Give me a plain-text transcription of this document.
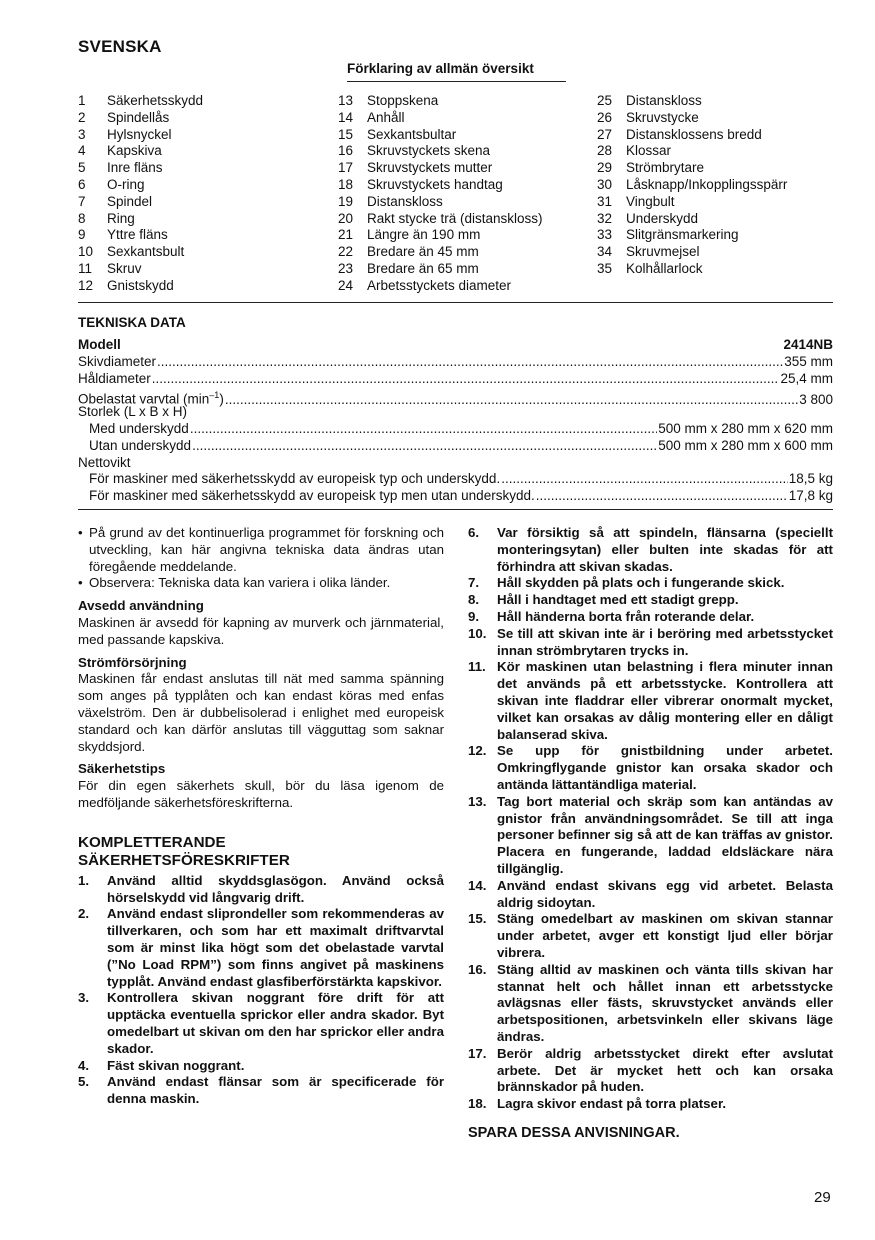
SVENSKA
Förklaring av allmän översikt
1 Säkerhetsskydd
2 Spindellås
3 Hylsnyckel
4 Kapskiva
5 Inre fläns
6 O-ring
7 Spindel
8 Ring
9 Yttre fläns
10 Sexkantsbult
11 Skruv
12 Gnistskydd
13 Stoppskena
14 Anhåll
15 Sexkantsbultar
16 Skruvstyckets skena
17 Skruvstyckets mutter
18 Skruvstyckets handtag
19 Distanskloss
20 Rakt stycke trä (distanskloss)
21 Längre än 190 mm
22 Bredare än 45 mm
23 Bredare än 65 mm
24 Arbetsstyckets diameter
25 Distanskloss
26 Skruvstycke
27 Distansklossens bredd
28 Klossar
29 Strömbrytare
30 Låsknapp/Inkopplingsspärr
31 Vingbult
32 Underskydd
33 Slitgränsmarkering
34 Skruvmejsel
35 Kolhållarlock
TEKNISKA DATA
Modell	2414NB
Skivdiameter .....	355 mm
Håldiameter .....	25,4 mm
Obelastat varvtal $(\min^{-1})$ .....	3 800
Storlek (L x B x H)
Med underskydd .....	500 mm x 280 mm x 620 mm
Utan underskydd .....	500 mm x 280 mm x 600 mm
Nettovikt
För maskiner med säkerhetsskydd av europeisk typ och underskydd. .....	18,5 kg
För maskiner med säkerhetsskydd av europeisk typ men utan underskydd. .....	17,8 kg
• På grund av det kontinuerliga programmet för forskning och utveckling, kan här angivna tekniska data ändras utan föregående meddelande.
• Observera: Tekniska data kan variera i olika länder.
Avsedd användning
Maskinen är avsedd för kapning av murverk och järnmaterial, med passande kapskiva.
Strömförsörjning
Maskinen får endast anslutas till nät med samma spänning som anges på typplåten och kan endast köras med enfas växelström. Den är dubbelisolerad i enlighet med europeisk standard och kan därför anslutas till vägguttag som saknar skyddsjord.
Säkerhetstips
För din egen säkerhets skull, bör du läsa igenom de medföljande säkerhetsföreskrifterna.
KOMPLETTERANDE
SÄKERHETSFÖRESKRIFTER
1. Använd alltid skyddsglasögon. Använd också hörselskydd vid långvarig drift.
2. Använd endast sliprondeller som rekommenderas av tillverkaren, och som har ett maximalt driftvarvtal som är minst lika högt som det obelastade varvtal (”No Load RPM”) som finns angivet på maskinens typplåt. Använd endast glasfiberförstärkta kapskivor.
3. Kontrollera skivan noggrant före drift för att upptäcka eventuella sprickor eller andra skador. Byt omedelbart ut skivan om den har sprickor eller andra skador.
4. Fäst skivan noggrant.
5. Använd endast flänsar som är specificerade för denna maskin.
6. Var försiktig så att spindeln, flänsarna (speciellt monteringsytan) eller bulten inte skadas för att förhindra att skivan skadas.
7. Håll skydden på plats och i fungerande skick.
8. Håll i handtaget med ett stadigt grepp.
9. Håll händerna borta från roterande delar.
10. Se till att skivan inte är i beröring med arbetsstycket innan strömbrytaren trycks in.
11. Kör maskinen utan belastning i flera minuter innan det används på ett arbetsstycke. Kontrollera att skivan inte fladdrar eller vibrerar onormalt mycket, vilket kan orsakas av dålig montering eller en dåligt balanserad skiva.
12. Se upp för gnistbildning under arbetet. Omkringflygande gnistor kan orsaka skador och antända lättantändliga material.
13. Tag bort material och skräp som kan antändas av gnistor från användningsområdet. Se till att inga personer befinner sig så att de kan träffas av gnistor. Placera en fungerande, laddad eldsläckare nära tillgänglig.
14. Använd endast skivans egg vid arbetet. Belasta aldrig sidoytan.
15. Stäng omedelbart av maskinen om skivan stannar under arbetet, avger ett konstigt ljud eller börjar vibrera.
16. Stäng alltid av maskinen och vänta tills skivan har stannat helt och hållet innan ett arbetsstycke avlägsnas eller fästs, skruvstycket används eller arbetspositionen, arbetsvinkeln eller skivans läge ändras.
17. Berör aldrig arbetsstycket direkt efter avslutat arbete. Det är mycket hett och kan orsaka brännskador på huden.
18. Lagra skivor endast på torra platser.
SPARA DESSA ANVISNINGAR.
29
